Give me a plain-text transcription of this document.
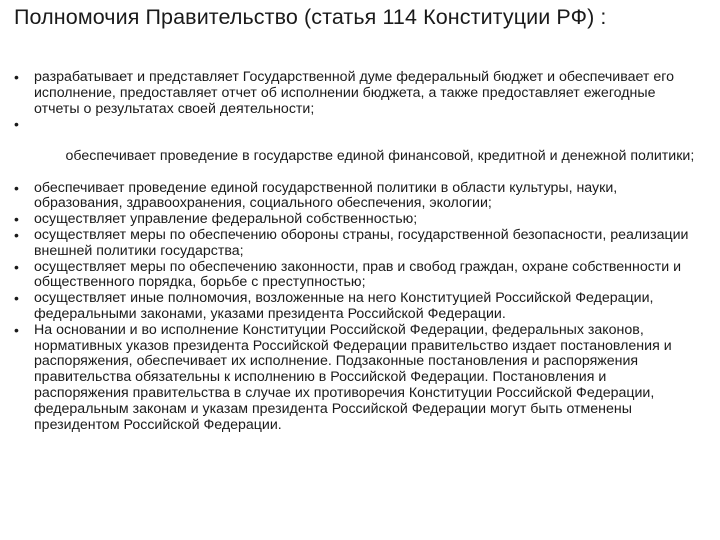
Полномочия Правительство (статья 114 Конституции РФ) :
•	разрабатывает и представляет Государственной думе федеральный бюджет и обеспечивает его исполнение, предоставляет отчет об исполнении бюджета, а также предоставляет ежегодные отчеты о результатах своей деятельности;

•

обеспечивает проведение в государстве единой финансовой, кредитной и денежной политики;

•	обеспечивает проведение единой государственной политики в области культуры, науки, образования, здравоохранения, социального обеспечения, экологии;
•	осуществляет управление федеральной собственностью;
•	осуществляет меры по обеспечению обороны страны, государственной безопасности, реализации внешней политики государства;
•	осуществляет меры по обеспечению законности, прав и свобод граждан, охране собственности и общественного порядка, борьбе с преступностью;
•	осуществляет иные полномочия, возложенные на него Конституцией Российской Федерации, федеральными законами, указами президента Российской Федерации.
•	На основании и во исполнение Конституции Российской Федерации, федеральных законов, нормативных указов президента Российской Федерации правительство издает постановления и распоряжения, обеспечивает их исполнение. Подзаконные постановления и распоряжения правительства обязательны к исполнению в Российской Федерации. Постановления и распоряжения правительства в случае их противоречия Конституции Российской Федерации, федеральным законам и указам президента Российской Федерации могут быть отменены президентом Российской Федерации.
